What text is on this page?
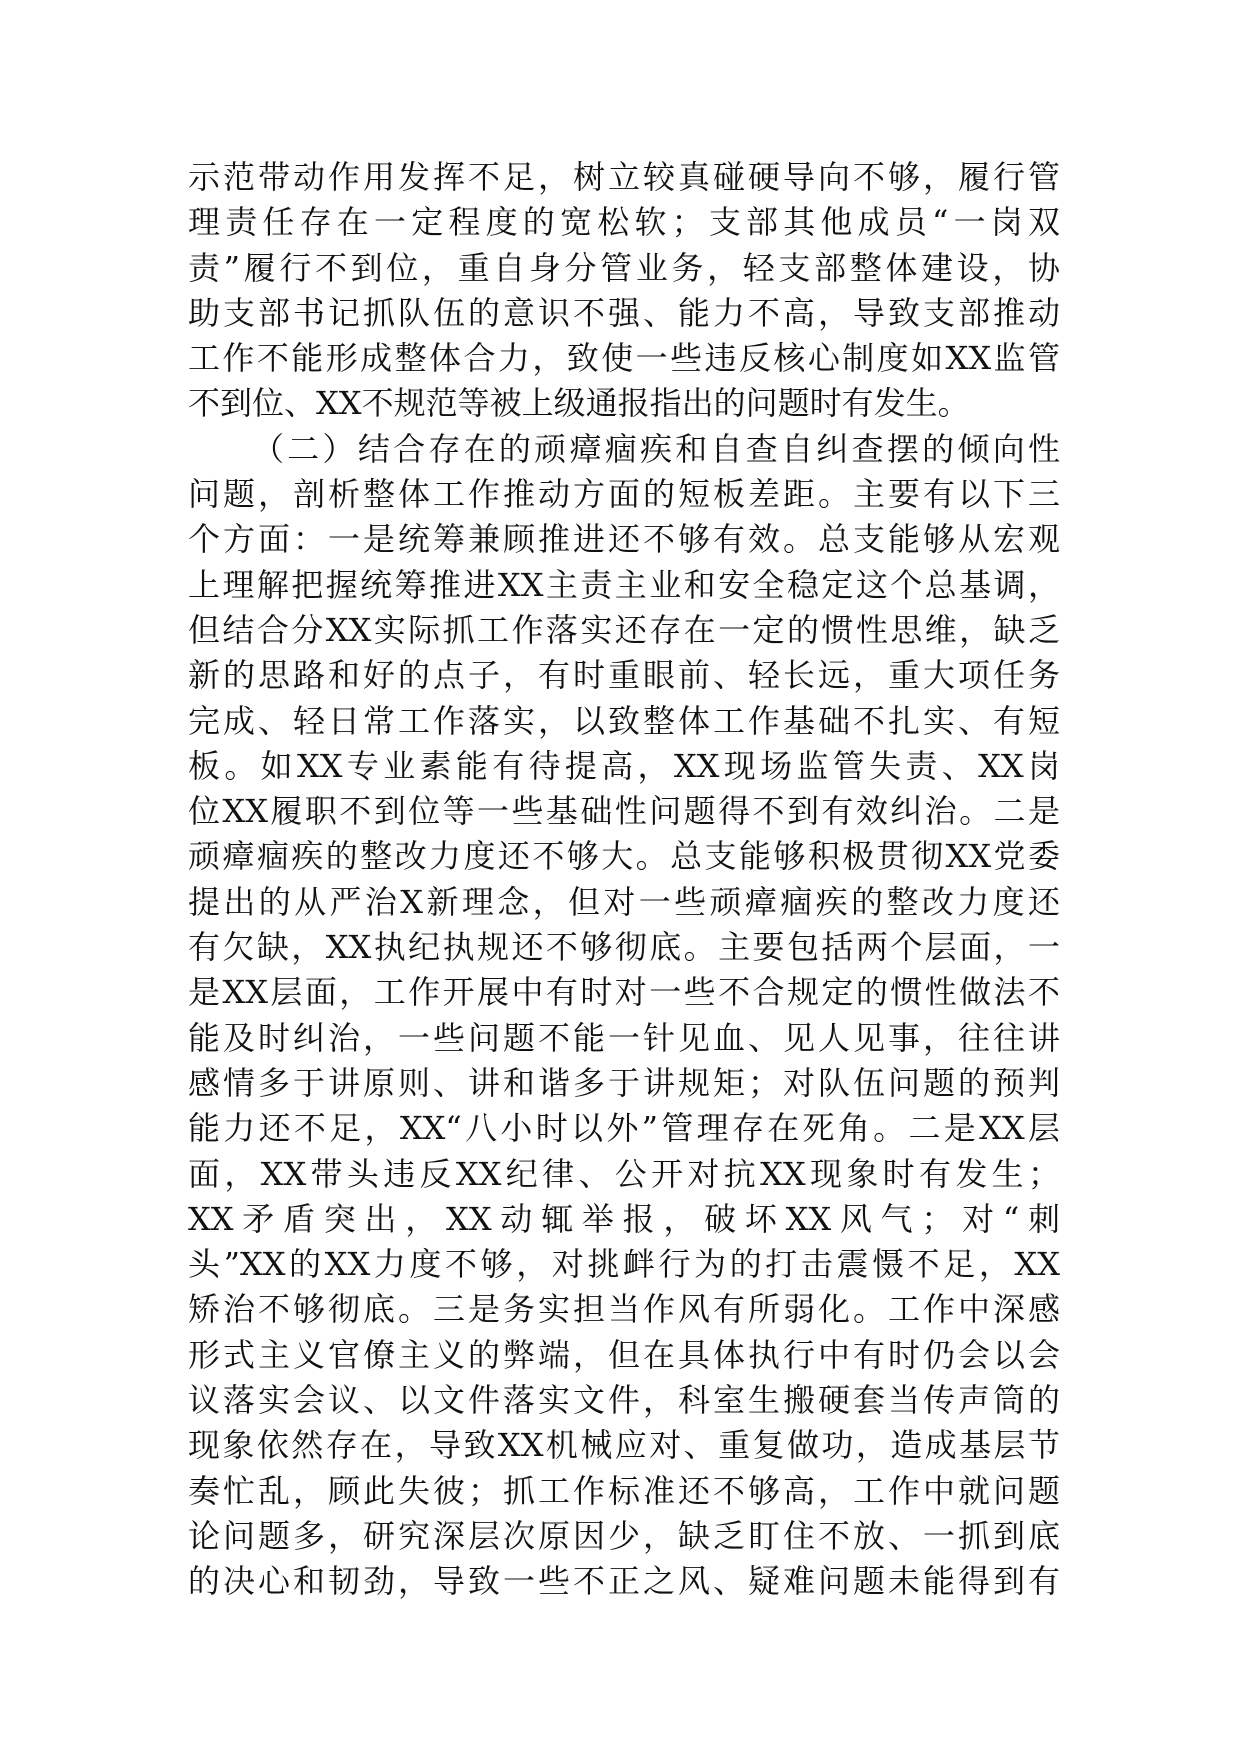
示范带动作用发挥不足，树立较真碰硬导向不够，履行管
理责任存在一定程度的宽松软；支部其他成员“一岗双
责”履行不到位，重自身分管业务，轻支部整体建设，协
助支部书记抓队伍的意识不强、能力不高，导致支部推动
工作不能形成整体合力，致使一些违反核心制度如XX监管
不到位、XX不规范等被上级通报指出的问题时有发生。
（二）结合存在的顽瘴痼疾和自查自纠查摆的倾向性
问题，剖析整体工作推动方面的短板差距。主要有以下三
个方面：一是统筹兼顾推进还不够有效。总支能够从宏观
上理解把握统筹推进XX主责主业和安全稳定这个总基调，
但结合分XX实际抓工作落实还存在一定的惯性思维，缺乏
新的思路和好的点子，有时重眼前、轻长远，重大项任务
完成、轻日常工作落实，以致整体工作基础不扎实、有短
板。如XX专业素能有待提高，XX现场监管失责、XX岗
位XX履职不到位等一些基础性问题得不到有效纠治。二是
顽瘴痼疾的整改力度还不够大。总支能够积极贯彻XX党委
提出的从严治X新理念，但对一些顽瘴痼疾的整改力度还
有欠缺，XX执纪执规还不够彻底。主要包括两个层面，一
是XX层面，工作开展中有时对一些不合规定的惯性做法不
能及时纠治，一些问题不能一针见血、见人见事，往往讲
感情多于讲原则、讲和谐多于讲规矩；对队伍问题的预判
能力还不足，XX“八小时以外”管理存在死角。二是XX层
面，XX带头违反XX纪律、公开对抗XX现象时有发生；
XX矛盾突出，XX动辄举报，破坏XX风气；对“刺
头”XX的XX力度不够，对挑衅行为的打击震慑不足，XX
矫治不够彻底。三是务实担当作风有所弱化。工作中深感
形式主义官僚主义的弊端，但在具体执行中有时仍会以会
议落实会议、以文件落实文件，科室生搬硬套当传声筒的
现象依然存在，导致XX机械应对、重复做功，造成基层节
奏忙乱，顾此失彼；抓工作标准还不够高，工作中就问题
论问题多，研究深层次原因少，缺乏盯住不放、一抓到底
的决心和韧劲，导致一些不正之风、疑难问题未能得到有
